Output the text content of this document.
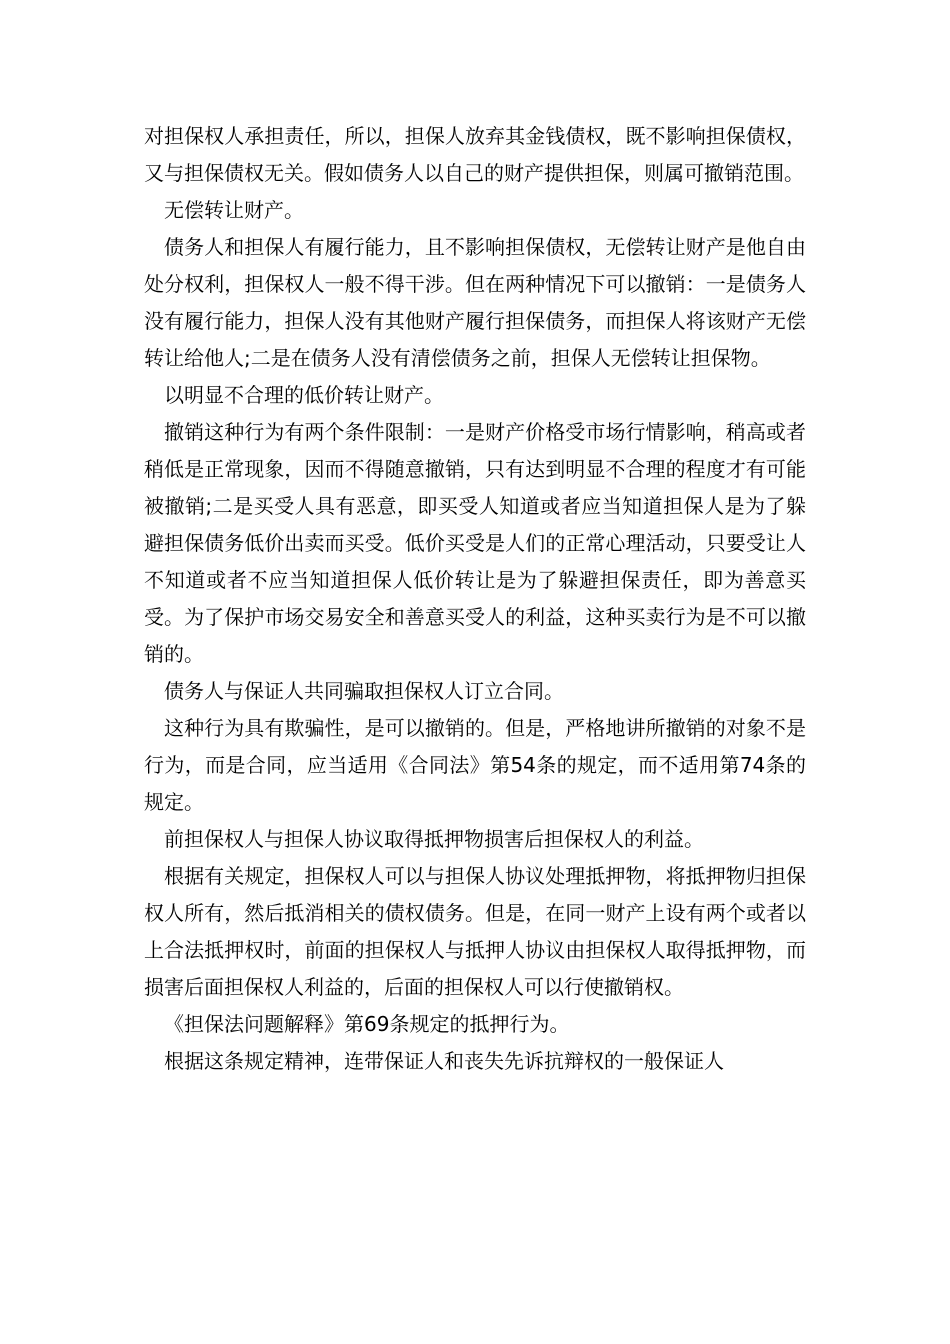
对担保权人承担责任，所以，担保人放弃其金钱债权，既不影响担保债权，又与担保债权无关。假如债务人以自己的财产提供担保，则属可撤销范围。

无偿转让财产。

债务人和担保人有履行能力，且不影响担保债权，无偿转让财产是他自由处分权利，担保权人一般不得干涉。但在两种情况下可以撤销：一是债务人没有履行能力，担保人没有其他财产履行担保债务，而担保人将该财产无偿转让给他人;二是在债务人没有清偿债务之前，担保人无偿转让担保物。

以明显不合理的低价转让财产。

撤销这种行为有两个条件限制：一是财产价格受市场行情影响，稍高或者稍低是正常现象，因而不得随意撤销，只有达到明显不合理的程度才有可能被撤销;二是买受人具有恶意，即买受人知道或者应当知道担保人是为了躲避担保债务低价出卖而买受。低价买受是人们的正常心理活动，只要受让人不知道或者不应当知道担保人低价转让是为了躲避担保责任，即为善意买受。为了保护市场交易安全和善意买受人的利益，这种买卖行为是不可以撤销的。

债务人与保证人共同骗取担保权人订立合同。

这种行为具有欺骗性，是可以撤销的。但是，严格地讲所撤销的对象不是行为，而是合同，应当适用《合同法》第54条的规定，而不适用第74条的规定。

前担保权人与担保人协议取得抵押物损害后担保权人的利益。

根据有关规定，担保权人可以与担保人协议处理抵押物，将抵押物归担保权人所有，然后抵消相关的债权债务。但是，在同一财产上设有两个或者以上合法抵押权时，前面的担保权人与抵押人协议由担保权人取得抵押物，而损害后面担保权人利益的，后面的担保权人可以行使撤销权。

《担保法问题解释》第69条规定的抵押行为。

根据这条规定精神，连带保证人和丧失先诉抗辩权的一般保证人
